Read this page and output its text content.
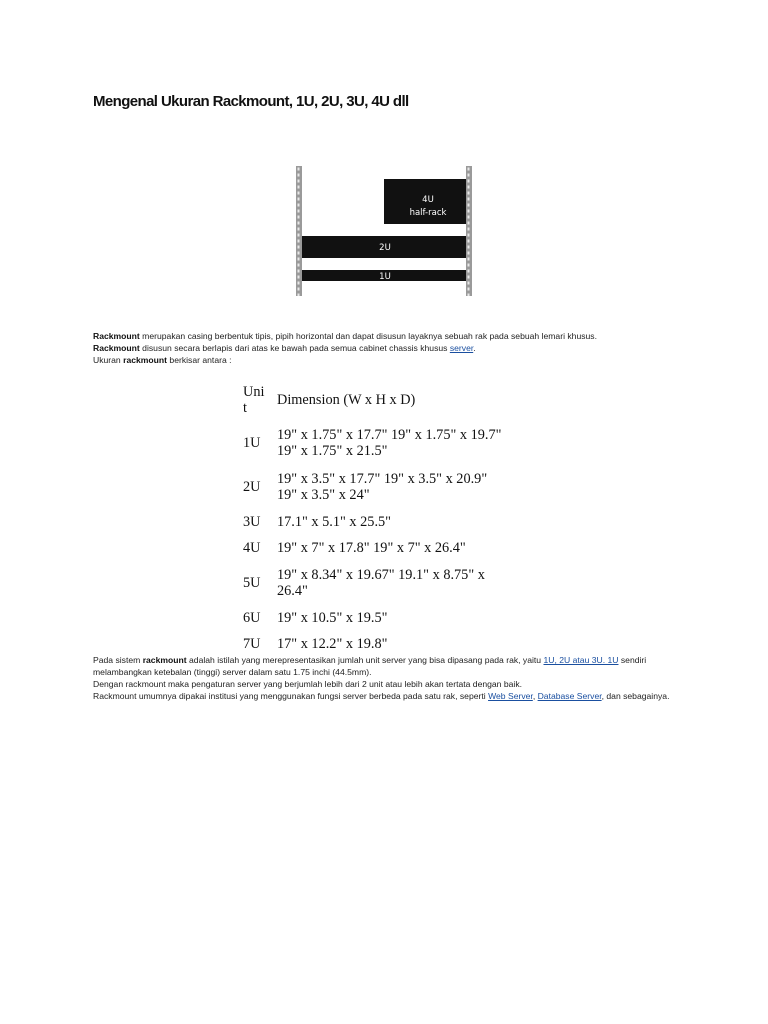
Mengenal Ukuran Rackmount, 1U, 2U, 3U, 4U dll
4U
half-rack
2U
1U
Rackmount merupakan casing berbentuk tipis, pipih horizontal dan dapat disusun layaknya sebuah rak pada sebuah lemari khusus.
Rackmount disusun secara berlapis dari atas ke bawah pada semua cabinet chassis khusus server.
Ukuran rackmount berkisar antara :
Uni
t	Dimension (W x H x D)
1U	19" x 1.75" x 17.7" 19" x 1.75" x 19.7"
19" x 1.75" x 21.5"

2U	19" x 3.5" x 17.7" 19" x 3.5" x 20.9"
19" x 3.5" x 24"

3U	17.1" x 5.1" x 25.5"

4U	19" x 7" x 17.8" 19" x 7" x 26.4"

5U	19" x 8.34" x 19.67" 19.1" x 8.75" x
26.4"

6U	19" x 10.5" x 19.5"

7U	17" x 12.2" x 19.8"
Pada sistem rackmount adalah istilah yang merepresentasikan jumlah unit server yang bisa dipasang pada rak, yaitu 1U, 2U atau 3U. 1U sendiri melambangkan ketebalan (tinggi) server dalam satu 1.75 inchi (44.5mm).
Dengan rackmount maka pengaturan server yang berjumlah lebih dari 2 unit atau lebih akan tertata dengan baik.
Rackmount umumnya dipakai institusi yang menggunakan fungsi server berbeda pada satu rak, seperti Web Server, Database Server, dan sebagainya.
